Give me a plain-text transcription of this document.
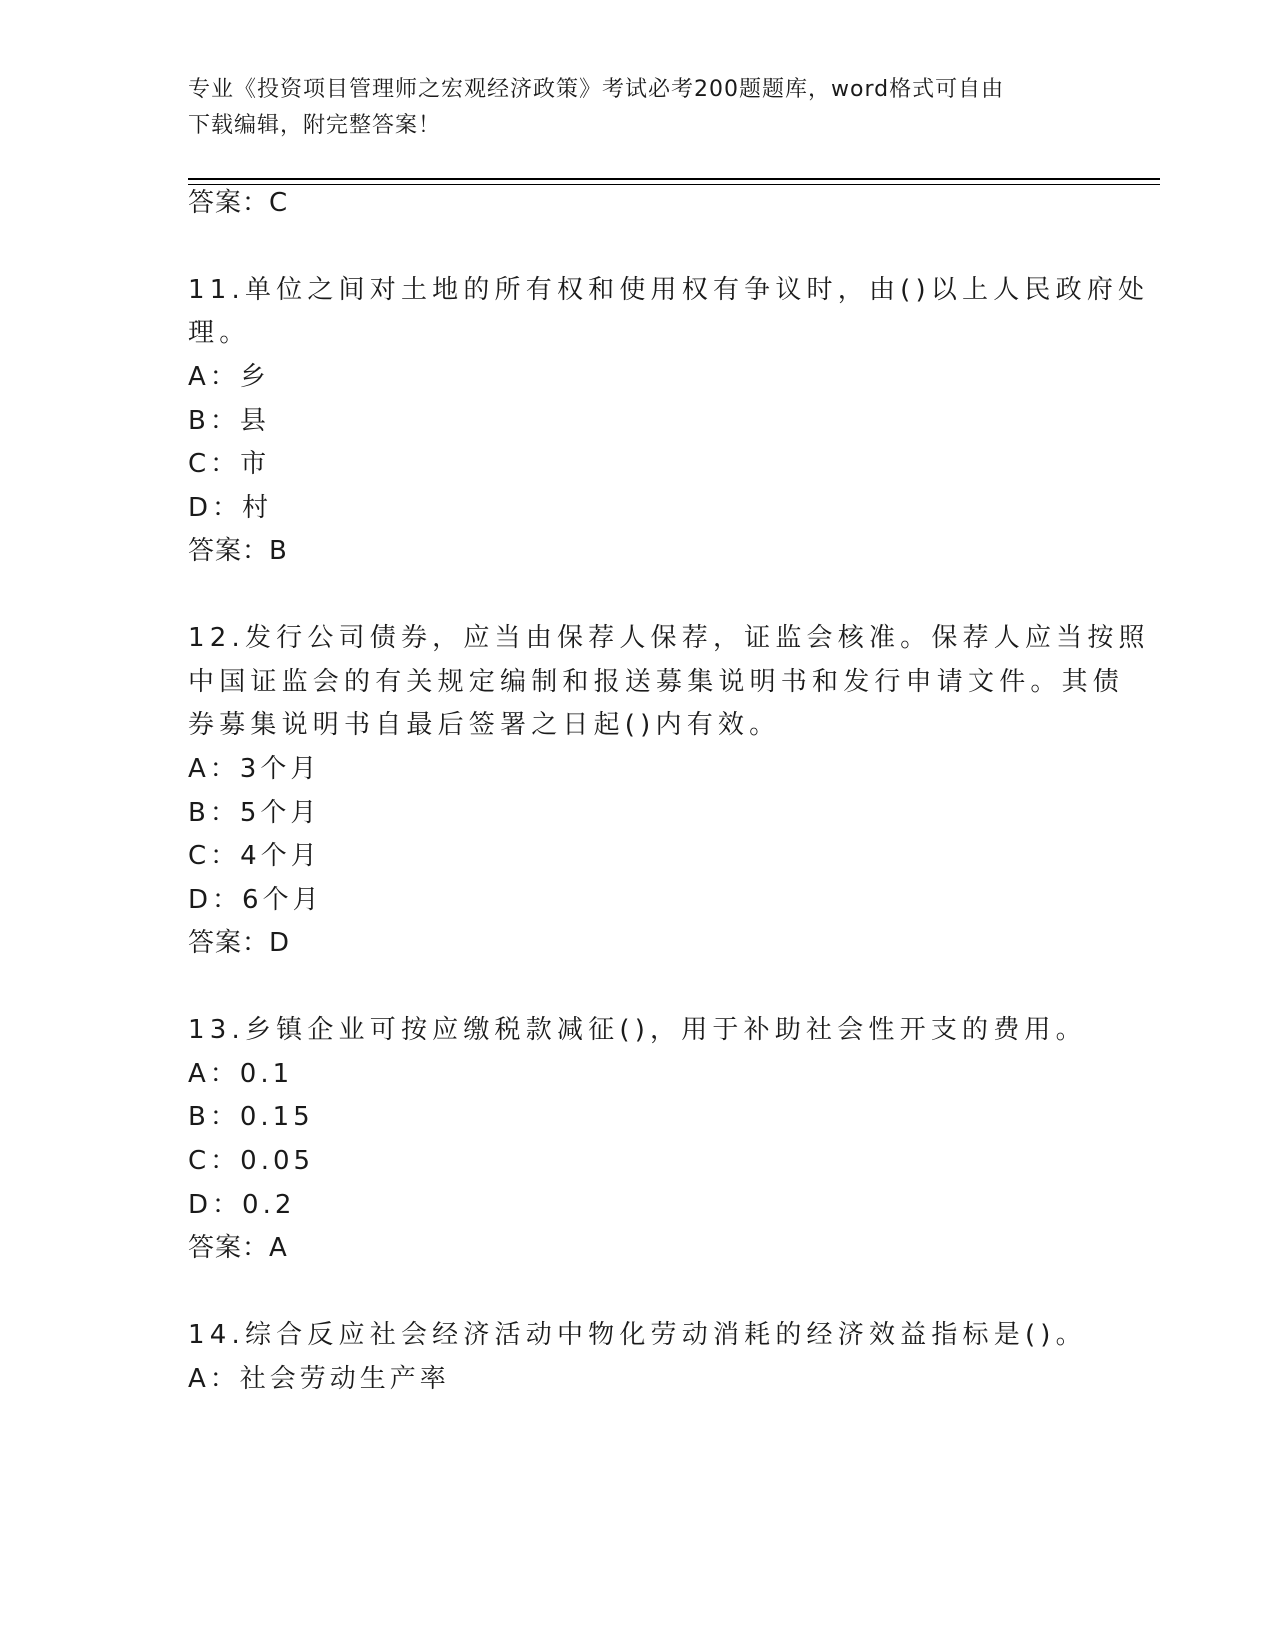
专业《投资项目管理师之宏观经济政策》考试必考200题题库，word格式可自由
下载编辑，附完整答案！
答案：C
11.单位之间对土地的所有权和使用权有争议时，由()以上人民政府处
理。
A：乡
B：县
C：市
D：村
答案：B
12.发行公司债券，应当由保荐人保荐，证监会核准。保荐人应当按照
中国证监会的有关规定编制和报送募集说明书和发行申请文件。其债
券募集说明书自最后签署之日起()内有效。
A：3个月
B：5个月
C：4个月
D：6个月
答案：D
13.乡镇企业可按应缴税款减征()，用于补助社会性开支的费用。
A：0.1
B：0.15
C：0.05
D：0.2
答案：A
14.综合反应社会经济活动中物化劳动消耗的经济效益指标是()。
A：社会劳动生产率
